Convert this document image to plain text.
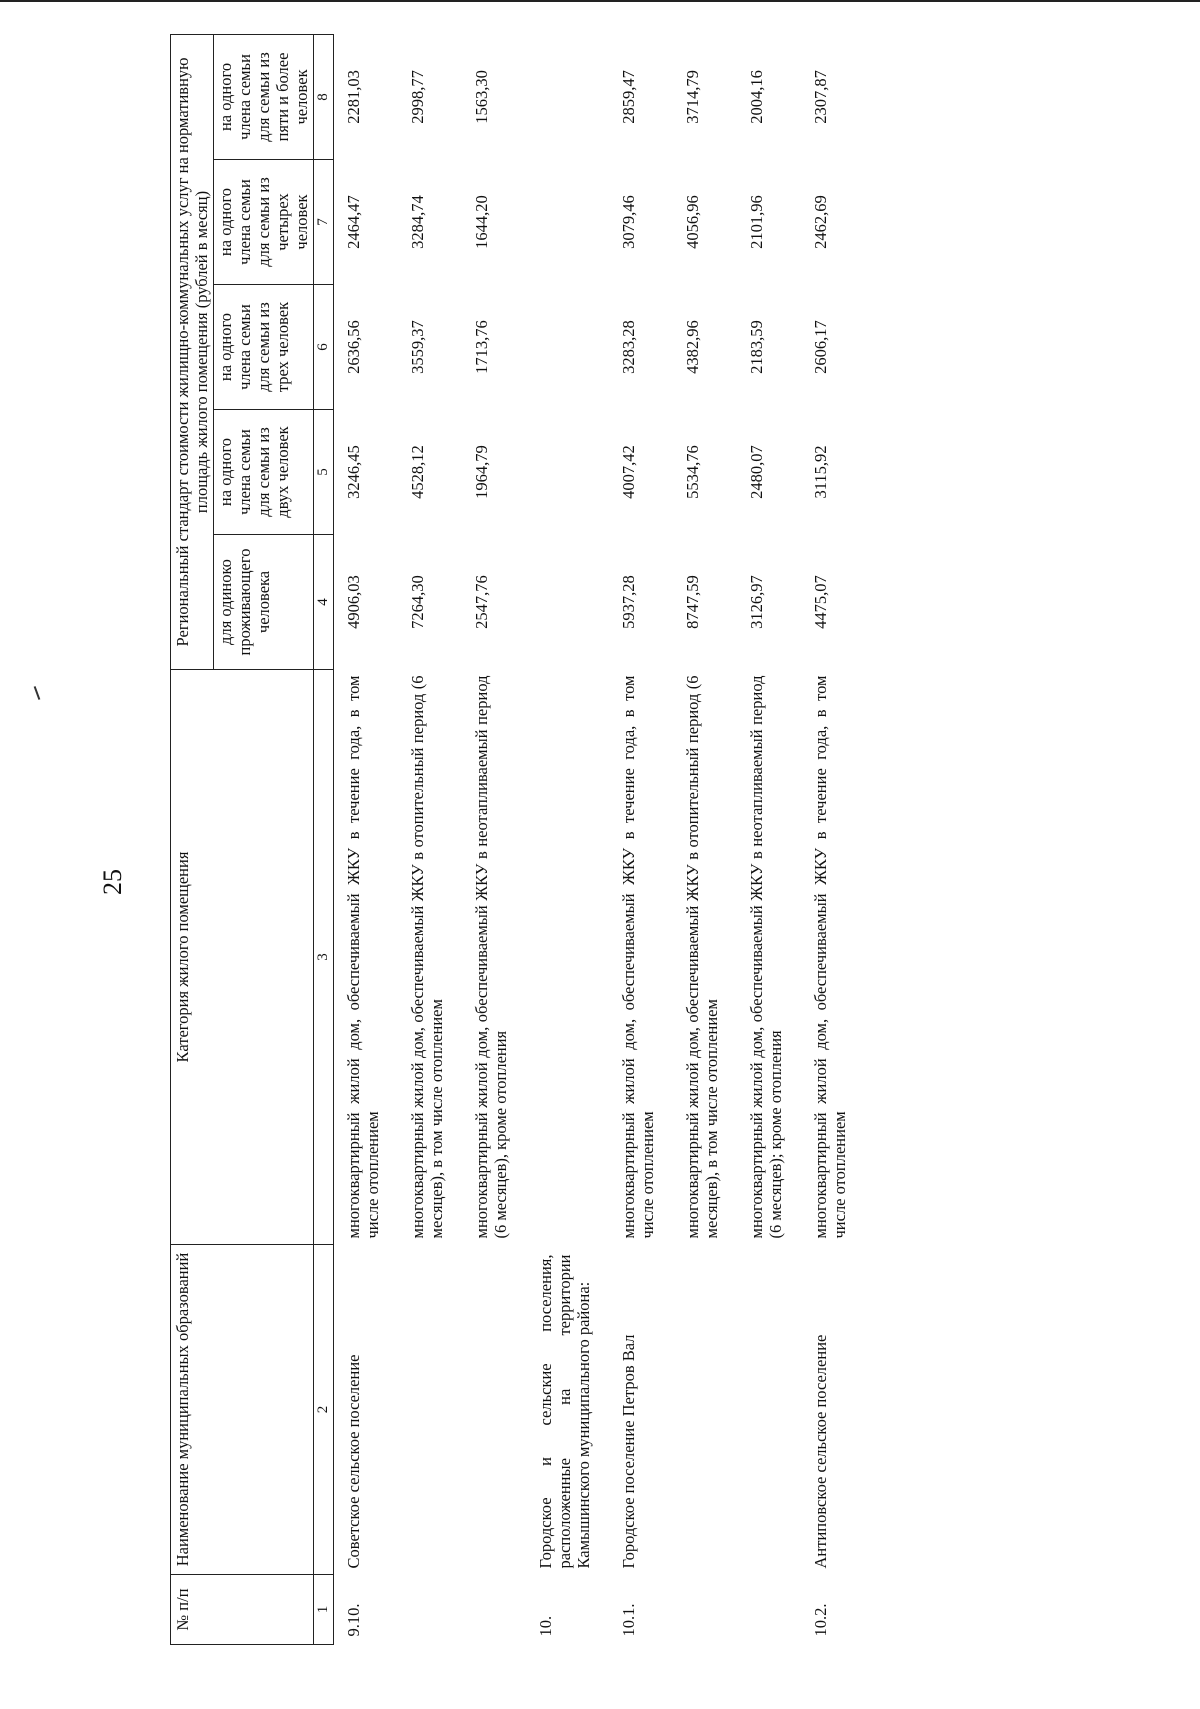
25
№ п/п	Наименование муниципальных образований	Категория жилого помещения	Региональный стандарт стоимости жилищно-коммунальных услуг на нормативную площадь жилого помещения (рублей в месяц)				
			для одиноко проживающего человека	на одного члена семьи для семьи из двух человек	на одного члена семьи для семьи из трех человек	на одного члена семьи для семьи из четырех человек	на одного члена семьи для семьи из пяти и более человек
1	2	3	4	5	6	7	8
9.10.	Советское сельское поселение	многоквартирный жилой дом, обеспечиваемый ЖКУ в течение года, в том числе отоплением	4906,03	3246,45	2636,56	2464,47	2281,03
		многоквартирный жилой дом, обеспечиваемый ЖКУ в отопительный период (6 месяцев), в том числе отоплением	7264,30	4528,12	3559,37	3284,74	2998,77
		многоквартирный жилой дом, обеспечиваемый ЖКУ в неотапливаемый период (6 месяцев), кроме отопления	2547,76	1964,79	1713,76	1644,20	1563,30
10.	Городское и сельские поселения, расположенные на территории Камышинского муниципального района:						
10.1.	Городское поселение Петров Вал	многоквартирный жилой дом, обеспечиваемый ЖКУ в течение года, в том числе отоплением	5937,28	4007,42	3283,28	3079,46	2859,47
		многоквартирный жилой дом, обеспечиваемый ЖКУ в отопительный период (6 месяцев), в том числе отоплением	8747,59	5534,76	4382,96	4056,96	3714,79
		многоквартирный жилой дом, обеспечиваемый ЖКУ в неотапливаемый период (6 месяцев); кроме отопления	3126,97	2480,07	2183,59	2101,96	2004,16
10.2.	Антиповское сельское поселение	многоквартирный жилой дом, обеспечиваемый ЖКУ в течение года, в том числе отоплением	4475,07	3115,92	2606,17	2462,69	2307,87
